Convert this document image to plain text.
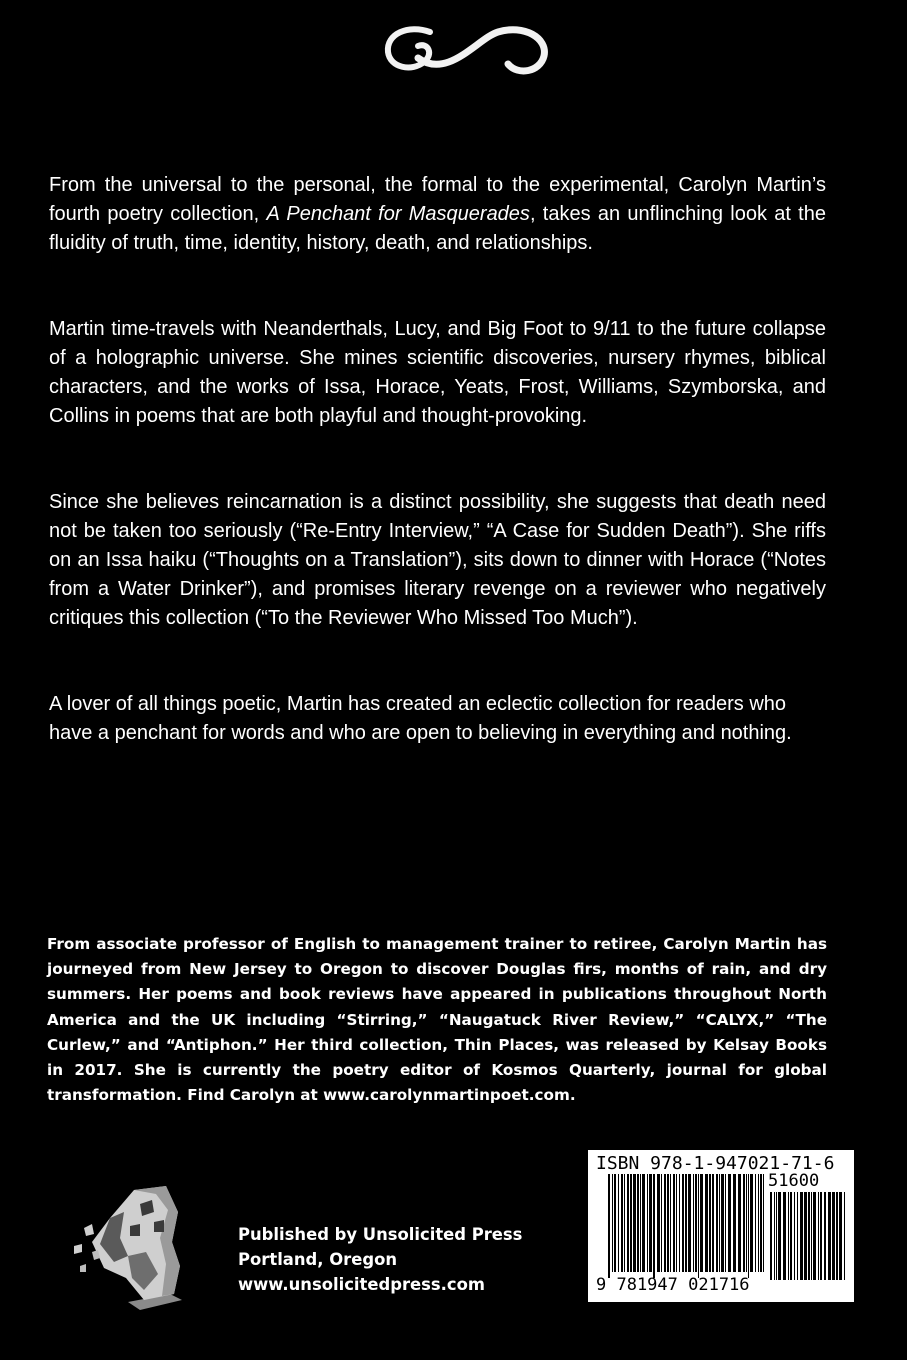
From the universal to the personal, the formal to the experimental, Carolyn Martin’s fourth poetry collection, A Penchant for Masquerades, takes an unflinching look at the fluidity of truth, time, identity, history, death, and relationships.

Martin time-travels with Neanderthals, Lucy, and Big Foot to 9/11 to the future collapse of a holographic universe. She mines scientific discoveries, nursery rhymes, biblical characters, and the works of Issa, Horace, Yeats, Frost, Williams, Szymborska, and Collins in poems that are both playful and thought-provoking.

Since she believes reincarnation is a distinct possibility, she suggests that death need not be taken too seriously (“Re-Entry Interview,” “A Case for Sudden Death”). She riffs on an Issa haiku (“Thoughts on a Translation”), sits down to dinner with Horace (“Notes from a Water Drinker”), and promises literary revenge on a reviewer who negatively critiques this collection (“To the Reviewer Who Missed Too Much”).

A lover of all things poetic, Martin has created an eclectic collection for readers who have a penchant for words and who are open to believing in everything and nothing.

From associate professor of English to management trainer to retiree, Carolyn Martin has journeyed from New Jersey to Oregon to discover Douglas firs, months of rain, and dry summers. Her poems and book reviews have appeared in publications throughout North America and the UK including “Stirring,” “Naugatuck River Review,” “CALYX,” “The Curlew,” and “Antiphon.” Her third collection, Thin Places, was released by Kelsay Books in 2017. She is currently the poetry editor of Kosmos Quarterly, journal for global transformation. Find Carolyn at www.carolynmartinpoet.com.

Published by Unsolicited Press
Portland, Oregon
www.unsolicitedpress.com
ISBN 978-1-947021-71-6
51600
9 781947 021716
